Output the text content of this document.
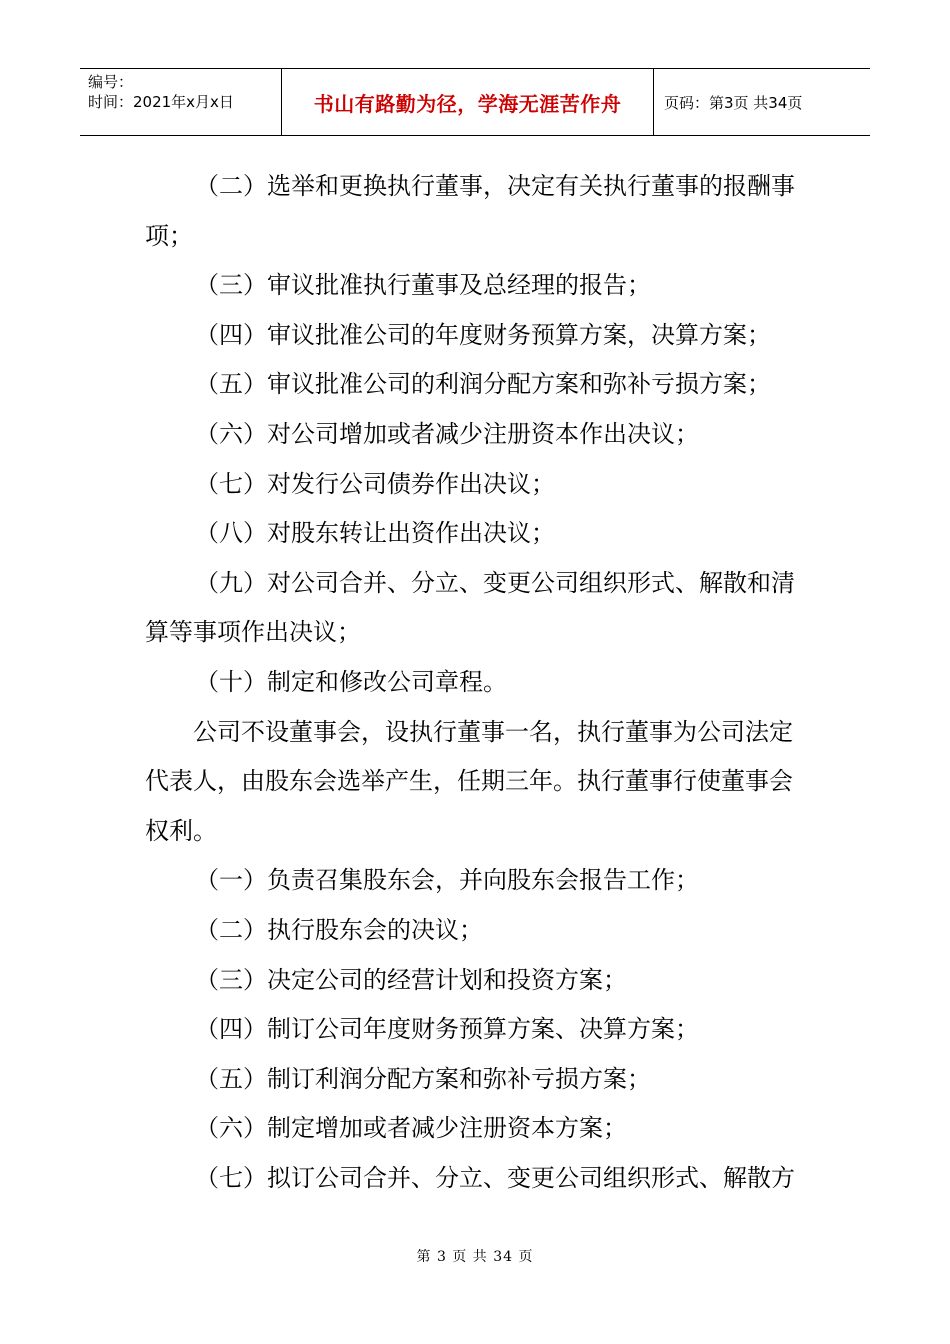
编号：
时间：2021年x月x日	书山有路勤为径，学海无涯苦作舟	页码：第3页 共34页

（二）选举和更换执行董事，决定有关执行董事的报酬事

项；

（三）审议批准执行董事及总经理的报告；

（四）审议批准公司的年度财务预算方案，决算方案；

（五）审议批准公司的利润分配方案和弥补亏损方案；

（六）对公司增加或者减少注册资本作出决议；

（七）对发行公司债券作出决议；

（八）对股东转让出资作出决议；

（九）对公司合并、分立、变更公司组织形式、解散和清

算等事项作出决议；

（十）制定和修改公司章程。

公司不设董事会，设执行董事一名，执行董事为公司法定

代表人，由股东会选举产生，任期三年。执行董事行使董事会

权利。

（一）负责召集股东会，并向股东会报告工作；

（二）执行股东会的决议；

（三）决定公司的经营计划和投资方案；

（四）制订公司年度财务预算方案、决算方案；

（五）制订利润分配方案和弥补亏损方案；

（六）制定增加或者减少注册资本方案；

（七）拟订公司合并、分立、变更公司组织形式、解散方

第 3 页 共 34 页
